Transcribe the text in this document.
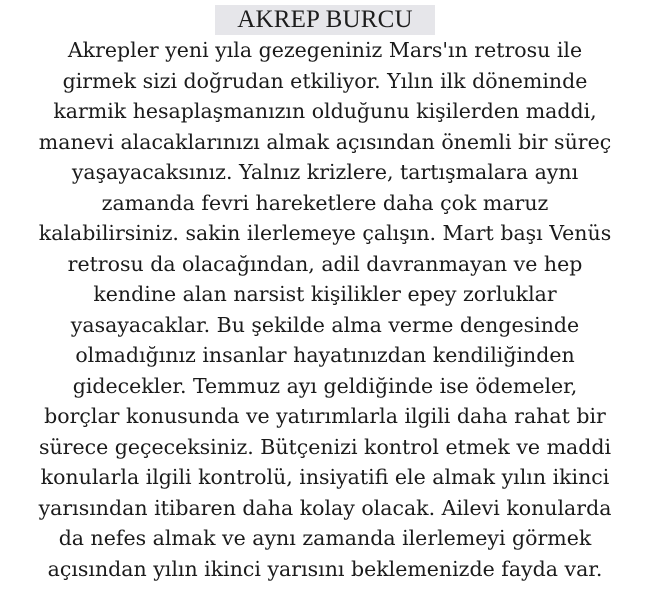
AKREP BURCU
Akrepler yeni yıla gezegeniniz Mars'ın retrosu ile
girmek sizi doğrudan etkiliyor. Yılın ilk döneminde
karmik hesaplaşmanızın olduğunu kişilerden maddi,
manevi alacaklarınızı almak açısından önemli bir süreç
yaşayacaksınız. Yalnız krizlere, tartışmalara aynı
zamanda fevri hareketlere daha çok maruz
kalabilirsiniz. sakin ilerlemeye çalışın. Mart başı Venüs
retrosu da olacağından, adil davranmayan ve hep
kendine alan narsist kişilikler epey zorluklar
yasayacaklar. Bu şekilde alma verme dengesinde
olmadığınız insanlar hayatınızdan kendiliğinden
gidecekler. Temmuz ayı geldiğinde ise ödemeler,
borçlar konusunda ve yatırımlarla ilgili daha rahat bir
sürece geçeceksiniz. Bütçenizi kontrol etmek ve maddi
konularla ilgili kontrolü, insiyatifi ele almak yılın ikinci
yarısından itibaren daha kolay olacak. Ailevi konularda
da nefes almak ve aynı zamanda ilerlemeyi görmek
açısından yılın ikinci yarısını beklemenizde fayda var.
